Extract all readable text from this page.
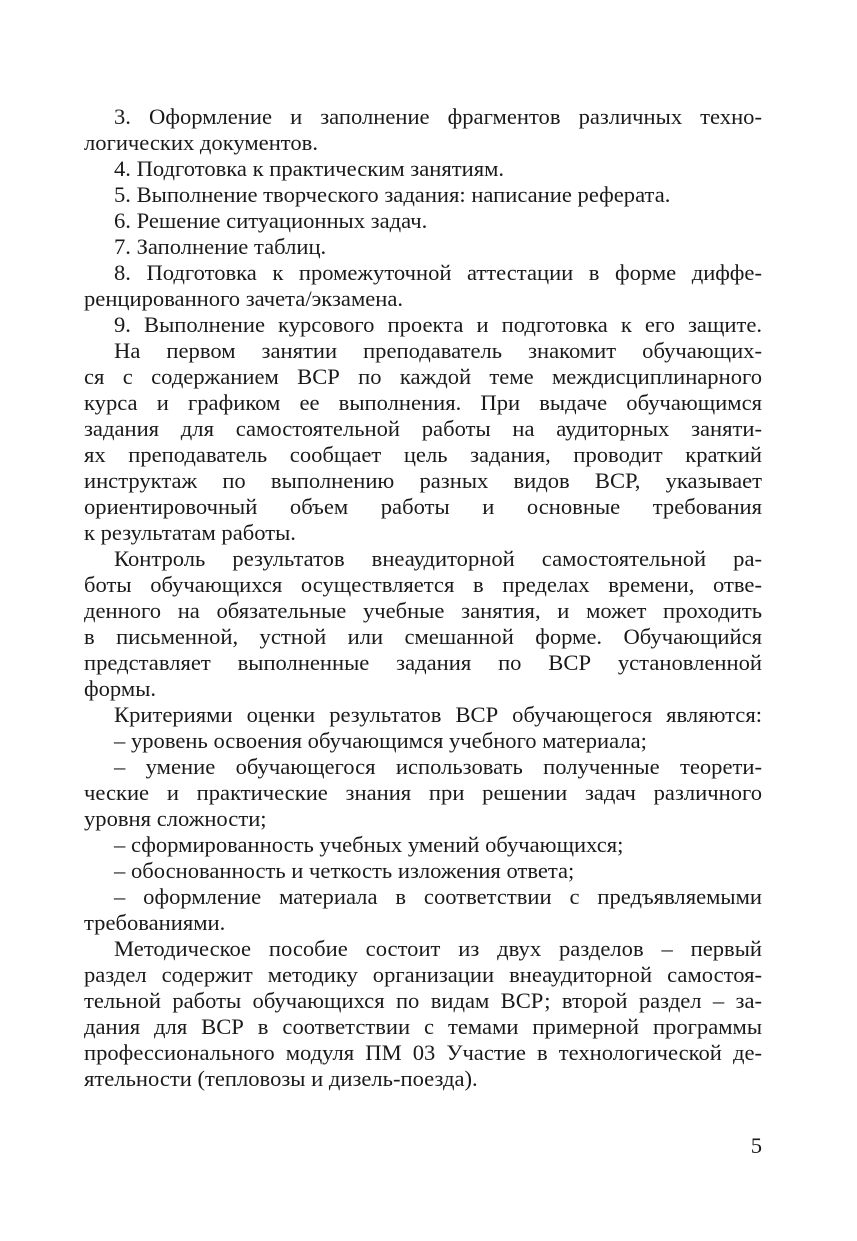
3. Оформление и заполнение фрагментов различных техно-

логических документов.

4. Подготовка к практическим занятиям.

5. Выполнение творческого задания: написание реферата.

6. Решение ситуационных задач.

7. Заполнение таблиц.

8. Подготовка к промежуточной аттестации в форме диффе-

ренцированного зачета/экзамена.

9. Выполнение курсового проекта и подготовка к его защите.

На первом занятии преподаватель знакомит обучающих-

ся с содержанием ВСР по каждой теме междисциплинарного

курса и графиком ее выполнения. При выдаче обучающимся

задания для самостоятельной работы на аудиторных заняти-

ях преподаватель сообщает цель задания, проводит краткий

инструктаж по выполнению разных видов ВСР, указывает

ориентировочный объем работы и основные требования

к результатам работы.

Контроль результатов внеаудиторной самостоятельной ра-

боты обучающихся осуществляется в пределах времени, отве-

денного на обязательные учебные занятия, и может проходить

в письменной, устной или смешанной форме. Обучающийся

представляет выполненные задания по ВСР установленной

формы.

Критериями оценки результатов ВСР обучающегося являются:

– уровень освоения обучающимся учебного материала;

– умение обучающегося использовать полученные теорети-

ческие и практические знания при решении задач различного

уровня сложности;

– сформированность учебных умений обучающихся;

– обоснованность и четкость изложения ответа;

– оформление материала в соответствии с предъявляемыми

требованиями.

Методическое пособие состоит из двух разделов – первый

раздел содержит методику организации внеаудиторной самостоя-

тельной работы обучающихся по видам ВСР; второй раздел – за-

дания для ВСР в соответствии с темами примерной программы

профессионального модуля ПМ 03 Участие в технологической де-

ятельности (тепловозы и дизель-поезда).

5
